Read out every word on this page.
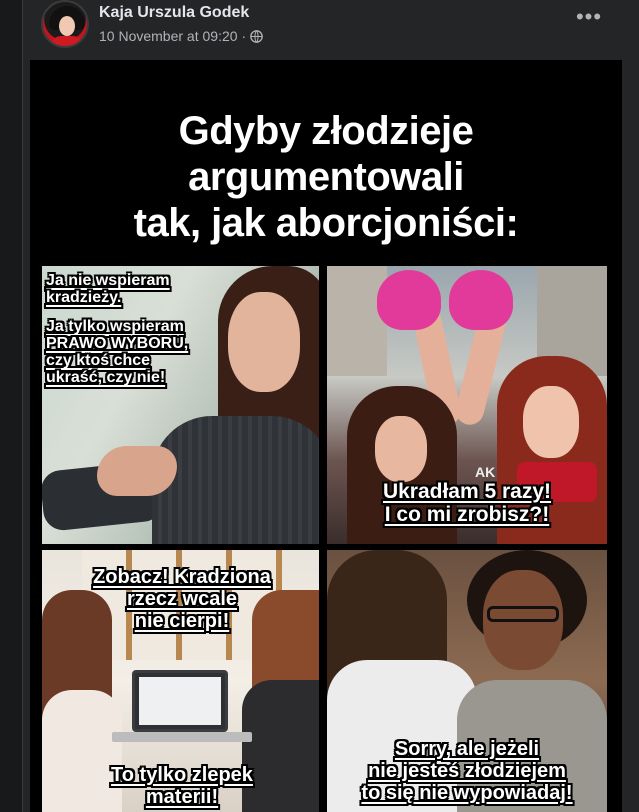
Kaja Urszula Godek
10 November at 09:20 ·
•••
Gdyby złodzieje
argumentowali
tak, jak aborcjoniści:
Ja nie wspieram
kradzieży.
Ja tylko wspieram
PRAWO WYBORU,
czy ktoś chce
ukraść, czy nie!
AK
Ukradłam 5 razy!
I co mi zrobisz?!
Zobacz! Kradziona
rzecz wcale
nie cierpi!
To tylko zlepek
materii!
Sorry, ale jeżeli
nie jesteś złodziejem
to się nie wypowiadaj!
